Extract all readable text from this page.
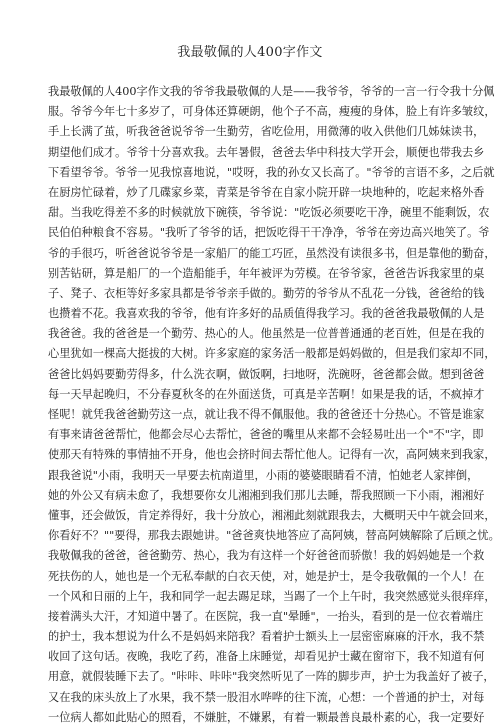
我最敬佩的人400字作文
我最敬佩的人400字作文我的爷爷我最敬佩的人是——我爷爷，爷爷的一言一行令我十分佩
服。爷爷今年七十多岁了，可身体还算硬朗，他个子不高，瘦瘦的身体，脸上有许多皱纹，
手上长满了茧，听我爸爸说爷爷一生勤劳，省吃俭用，用微薄的收入供他们几姊妹读书，
期望他们成才。爷爷十分喜欢我。去年暑假，爸爸去华中科技大学开会，顺便也带我去乡
下看望爷爷。爷爷一见我惊喜地说，"哎呀，我的孙女又长高了。"爷爷的言语不多，之后就
在厨房忙碌着，炒了几碟家乡菜，青菜是爷爷在自家小院开辟一块地种的，吃起来格外香
甜。当我吃得差不多的时候就放下碗筷，爷爷说："吃饭必须要吃干净，碗里不能剩饭，农
民伯伯种粮食不容易。"我听了爷爷的话，把饭吃得干干净净，爷爷在旁边高兴地笑了。爷
爷的手很巧，听爸爸说爷爷是一家船厂的能工巧匠，虽然没有读很多书，但是靠他的勤奋，
别苦钻研，算是船厂的一个造船能手，年年被评为劳模。在爷爷家，爸爸告诉我家里的桌
子、凳子、衣柜等好多家具都是爷爷亲手做的。勤劳的爷爷从不乱花一分钱，爸爸给的钱
也攒着不花。我喜欢我的爷爷，他有许多好的品质值得我学习。我的爸爸我最敬佩的人是
我爸爸。我的爸爸是一个勤劳、热心的人。他虽然是一位普普通通的老百姓，但是在我的
心里犹如一棵高大挺拔的大树。许多家庭的家务活一般都是妈妈做的，但是我们家却不同，
爸爸比妈妈要勤劳得多，什么洗衣啊，做饭啊，扫地呀，洗碗呀，爸爸都会做。想到爸爸
每一天早起晚归，不分春夏秋冬的在外面送货，可真是辛苦啊！如果是我的话，不疯掉才
怪呢！就凭我爸爸勤劳这一点，就让我不得不佩服他。我的爸爸还十分热心。不管是谁家
有事来请爸爸帮忙，他都会尽心去帮忙，爸爸的嘴里从来都不会轻易吐出一个"不"字，即
使那天有特殊的事情抽不开身，他也会挤时间去帮忙他人。记得有一次，高阿姨来到我家，
跟我爸说"小雨，我明天一早要去杭南道里，小雨的婆婆眼睛看不清，怕她老人家摔倒，
她的外公又有病未愈了，我想要你女儿湘湘到我们那儿去睡，帮我照顾一下小雨，湘湘好
懂事，还会做饭，肯定养得好，我十分放心，湘湘此刻就跟我去，大概明天中午就会回来，
你看好不？""要得，那我去跟她讲。"爸爸爽快地答应了高阿姨，替高阿姨解除了后顾之忧。
我敬佩我的爸爸，爸爸勤劳、热心，我为有这样一个好爸爸而骄傲！我的妈妈她是一个救
死扶伤的人，她也是一个无私奉献的白衣天使，对，她是护士，是令我敬佩的一个人！在
一个风和日丽的上午，我和同学一起去踢足球，当踢了一个上午时，我突然感觉头很痒痒，
接着满头大汗，才知道中暑了。在医院，我一直"晕睡"，一抬头，看到的是一位衣着端庄
的护士，我本想说为什么不是妈妈来陪我？看着护士额头上一层密密麻麻的汗水，我不禁
收回了这句话。夜晚，我吃了药，准备上床睡觉，却看见护士藏在窗帘下，我不知道有何
用意，就假装睡下去了。"咔咔、咔咔"我突然听见了一阵的脚步声，护士为我盖好了被子，
又在我的床头放上了水果，我不禁一股泪水哗哗的往下流，心想：一个普通的护士，对每
一位病人都如此贴心的照看，不嫌脏，不嫌累，有着一颗最善良最朴素的心，我一定要好
